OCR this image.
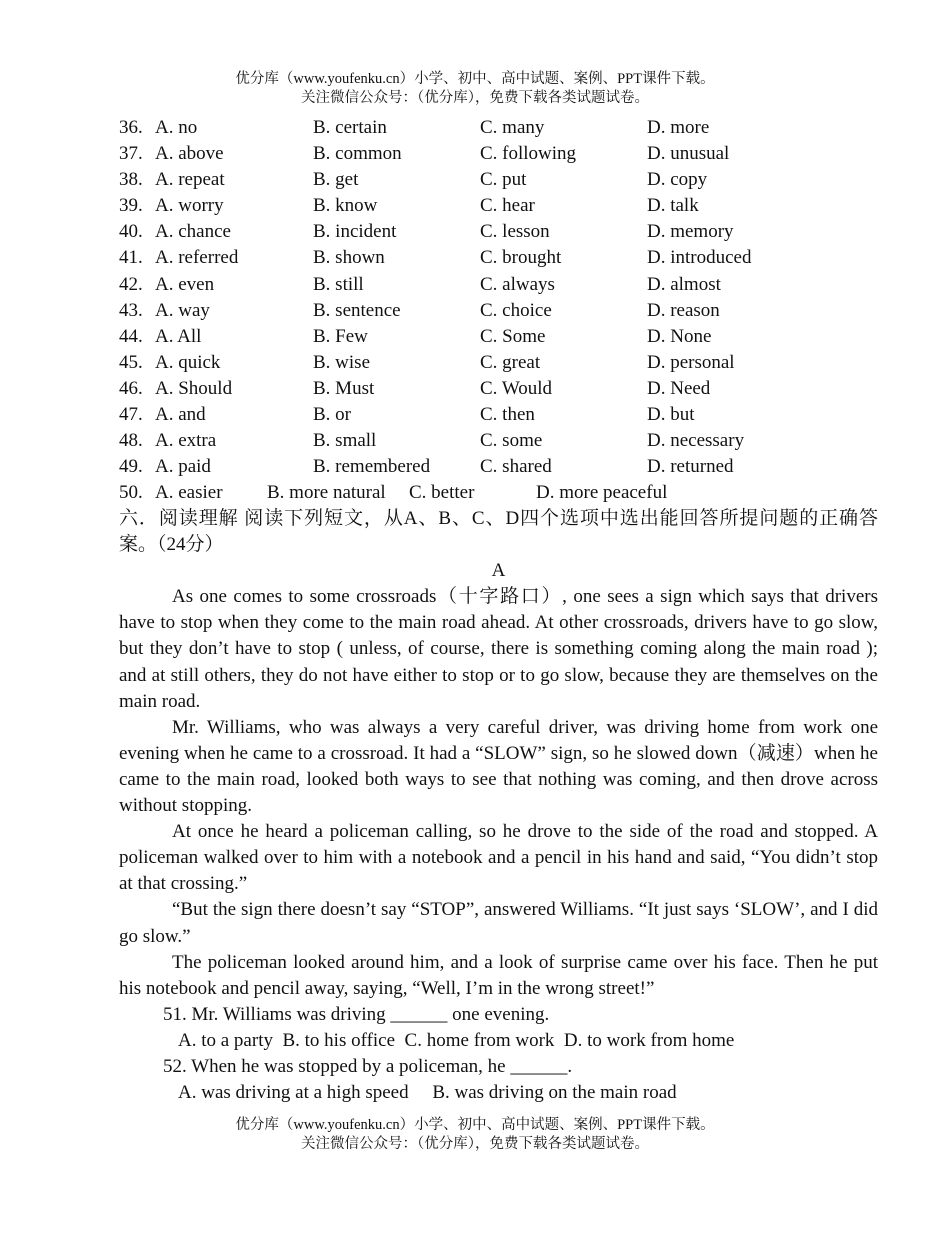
优分库（www.youfenku.cn）小学、初中、高中试题、案例、PPT课件下载。
关注微信公众号：（优分库），免费下载各类试题试卷。
36. A. no	B. certain	C. many	D. more
37. A. above	B. common	C. following	D. unusual
38. A. repeat	B. get	C. put	D. copy
39. A. worry	B. know	C. hear	D. talk
40. A. chance	B. incident	C. lesson	D. memory
41. A. referred	B. shown	C. brought	D. introduced
42. A. even	B. still	C. always	D. almost
43. A. way	B. sentence	C. choice	D. reason
44. A. All	B. Few	C. Some	D. None
45. A. quick	B. wise	C. great	D. personal
46. A. Should	B. Must	C. Would	D. Need
47. A. and	B. or	C. then	D. but
48. A. extra	B. small	C. some	D. necessary
49. A. paid	B. remembered	C. shared	D. returned
50. A. easier B. more natural C. better	D. more peaceful
六．阅读理解 阅读下列短文，从A、B、C、D四个选项中选出能回答所提问题的正确答案。（24分）
A
As one comes to some crossroads（十字路口）, one sees a sign which says that drivers have to stop when they come to the main road ahead. At other crossroads, drivers have to go slow, but they don’t have to stop ( unless, of course, there is something coming along the main road ); and at still others, they do not have either to stop or to go slow, because they are themselves on the main road.
Mr. Williams, who was always a very careful driver, was driving home from work one evening when he came to a crossroad. It had a “SLOW” sign, so he slowed down（减速）when he came to the main road, looked both ways to see that nothing was coming, and then drove across without stopping.
At once he heard a policeman calling, so he drove to the side of the road and stopped. A policeman walked over to him with a notebook and a pencil in his hand and said, “You didn’t stop at that crossing.”
“But the sign there doesn’t say “STOP”, answered Williams. “It just says ‘SLOW’, and I did go slow.”
The policeman looked around him, and a look of surprise came over his face. Then he put his notebook and pencil away, saying, “Well, I’m in the wrong street!”
51. Mr. Williams was driving ______ one evening.
A. to a party  B. to his office  C. home from work  D. to work from home
52. When he was stopped by a policeman, he ______.
A. was driving at a high speed     B. was driving on the main road
优分库（www.youfenku.cn）小学、初中、高中试题、案例、PPT课件下载。
关注微信公众号：（优分库），免费下载各类试题试卷。
